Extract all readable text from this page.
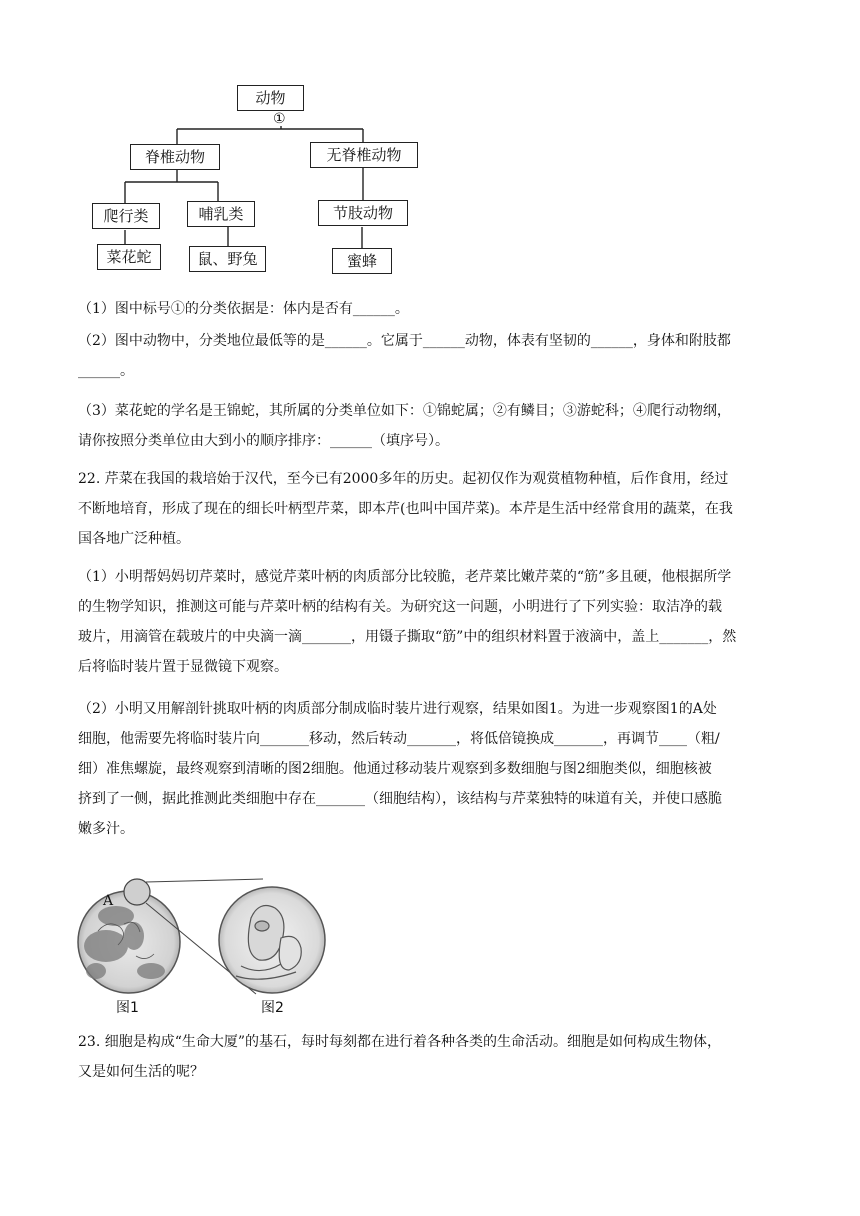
动物
①
脊椎动物	无脊椎动物
爬行类	哺乳类	节肢动物
菜花蛇	鼠、野兔	蜜蜂
（1）图中标号①的分类依据是：体内是否有______。
（2）图中动物中，分类地位最低等的是______。它属于______动物，体表有坚韧的______，身体和附肢都
______。
（3）菜花蛇的学名是王锦蛇，其所属的分类单位如下：①锦蛇属；②有鳞目；③游蛇科；④爬行动物纲，
请你按照分类单位由大到小的顺序排序：______（填序号）。
22. 芹菜在我国的栽培始于汉代，至今已有2000多年的历史。起初仅作为观赏植物种植，后作食用，经过
不断地培育，形成了现在的细长叶柄型芹菜，即本芹(也叫中国芹菜)。本芹是生活中经常食用的蔬菜，在我
国各地广泛种植。
（1）小明帮妈妈切芹菜时，感觉芹菜叶柄的肉质部分比较脆，老芹菜比嫩芹菜的“筋”多且硬，他根据所学
的生物学知识，推测这可能与芹菜叶柄的结构有关。为研究这一问题，小明进行了下列实验：取洁净的载
玻片，用滴管在载玻片的中央滴一滴_______，用镊子撕取“筋”中的组织材料置于液滴中，盖上_______，然
后将临时装片置于显微镜下观察。
（2）小明又用解剖针挑取叶柄的肉质部分制成临时装片进行观察，结果如图1。为进一步观察图1的A处
细胞，他需要先将临时装片向_______移动，然后转动_______，将低倍镜换成_______，再调节____（粗/
细）准焦螺旋，最终观察到清晰的图2细胞。他通过移动装片观察到多数细胞与图2细胞类似，细胞核被
挤到了一侧，据此推测此类细胞中存在_______（细胞结构），该结构与芹菜独特的味道有关，并使口感脆
嫩多汁。
A
图1	图2
23. 细胞是构成“生命大厦”的基石，每时每刻都在进行着各种各类的生命活动。细胞是如何构成生物体，
又是如何生活的呢？
